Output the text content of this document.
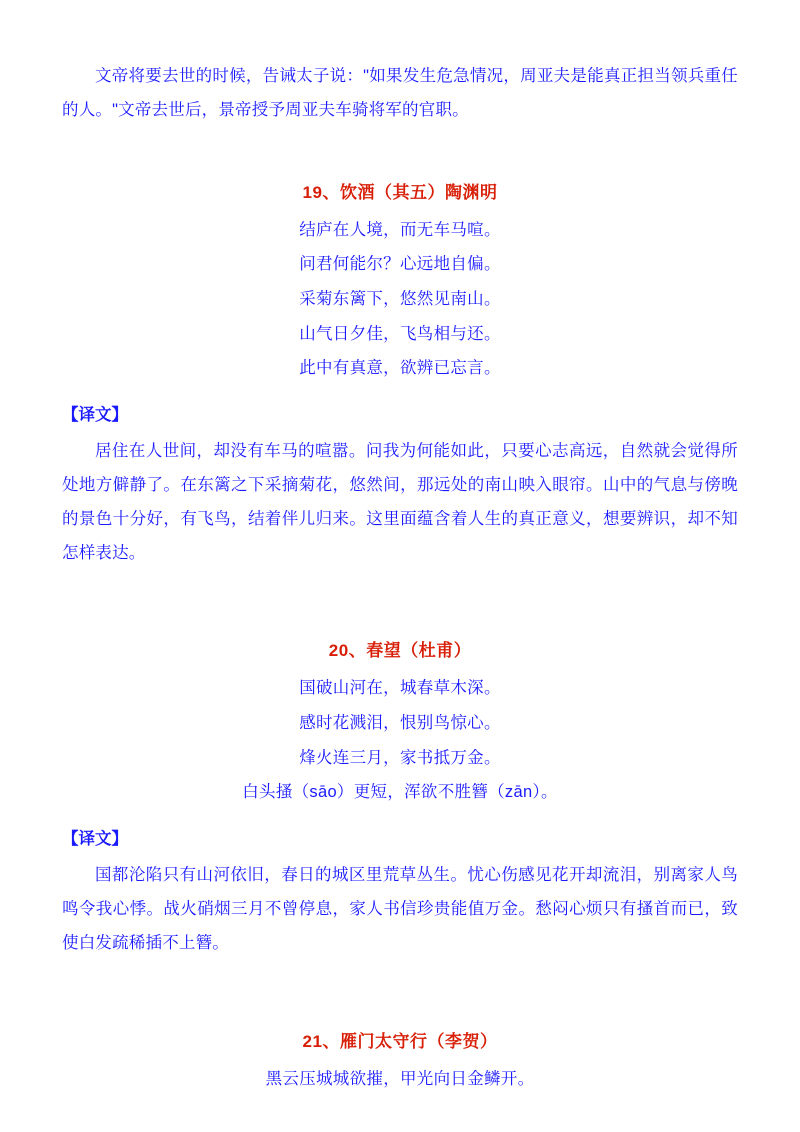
文帝将要去世的时候，告诫太子说："如果发生危急情况，周亚夫是能真正担当领兵重任的人。"文帝去世后，景帝授予周亚夫车骑将军的官职。

19、饮酒（其五）陶渊明

结庐在人境，而无车马喧。

问君何能尔？心远地自偏。

采菊东篱下，悠然见南山。

山气日夕佳，飞鸟相与还。

此中有真意，欲辨已忘言。

【译文】

居住在人世间，却没有车马的喧嚣。问我为何能如此，只要心志高远，自然就会觉得所处地方僻静了。在东篱之下采摘菊花，悠然间，那远处的南山映入眼帘。山中的气息与傍晚的景色十分好，有飞鸟，结着伴儿归来。这里面蕴含着人生的真正意义，想要辨识，却不知怎样表达。

20、春望（杜甫）

国破山河在，城春草木深。

感时花溅泪，恨别鸟惊心。

烽火连三月，家书抵万金。

白头搔（sāo）更短，浑欲不胜簪（zān）。

【译文】

国都沦陷只有山河依旧，春日的城区里荒草丛生。忧心伤感见花开却流泪，别离家人鸟鸣令我心悸。战火硝烟三月不曾停息，家人书信珍贵能值万金。愁闷心烦只有搔首而已，致使白发疏稀插不上簪。

21、雁门太守行（李贺）

黑云压城城欲摧，甲光向日金鳞开。
